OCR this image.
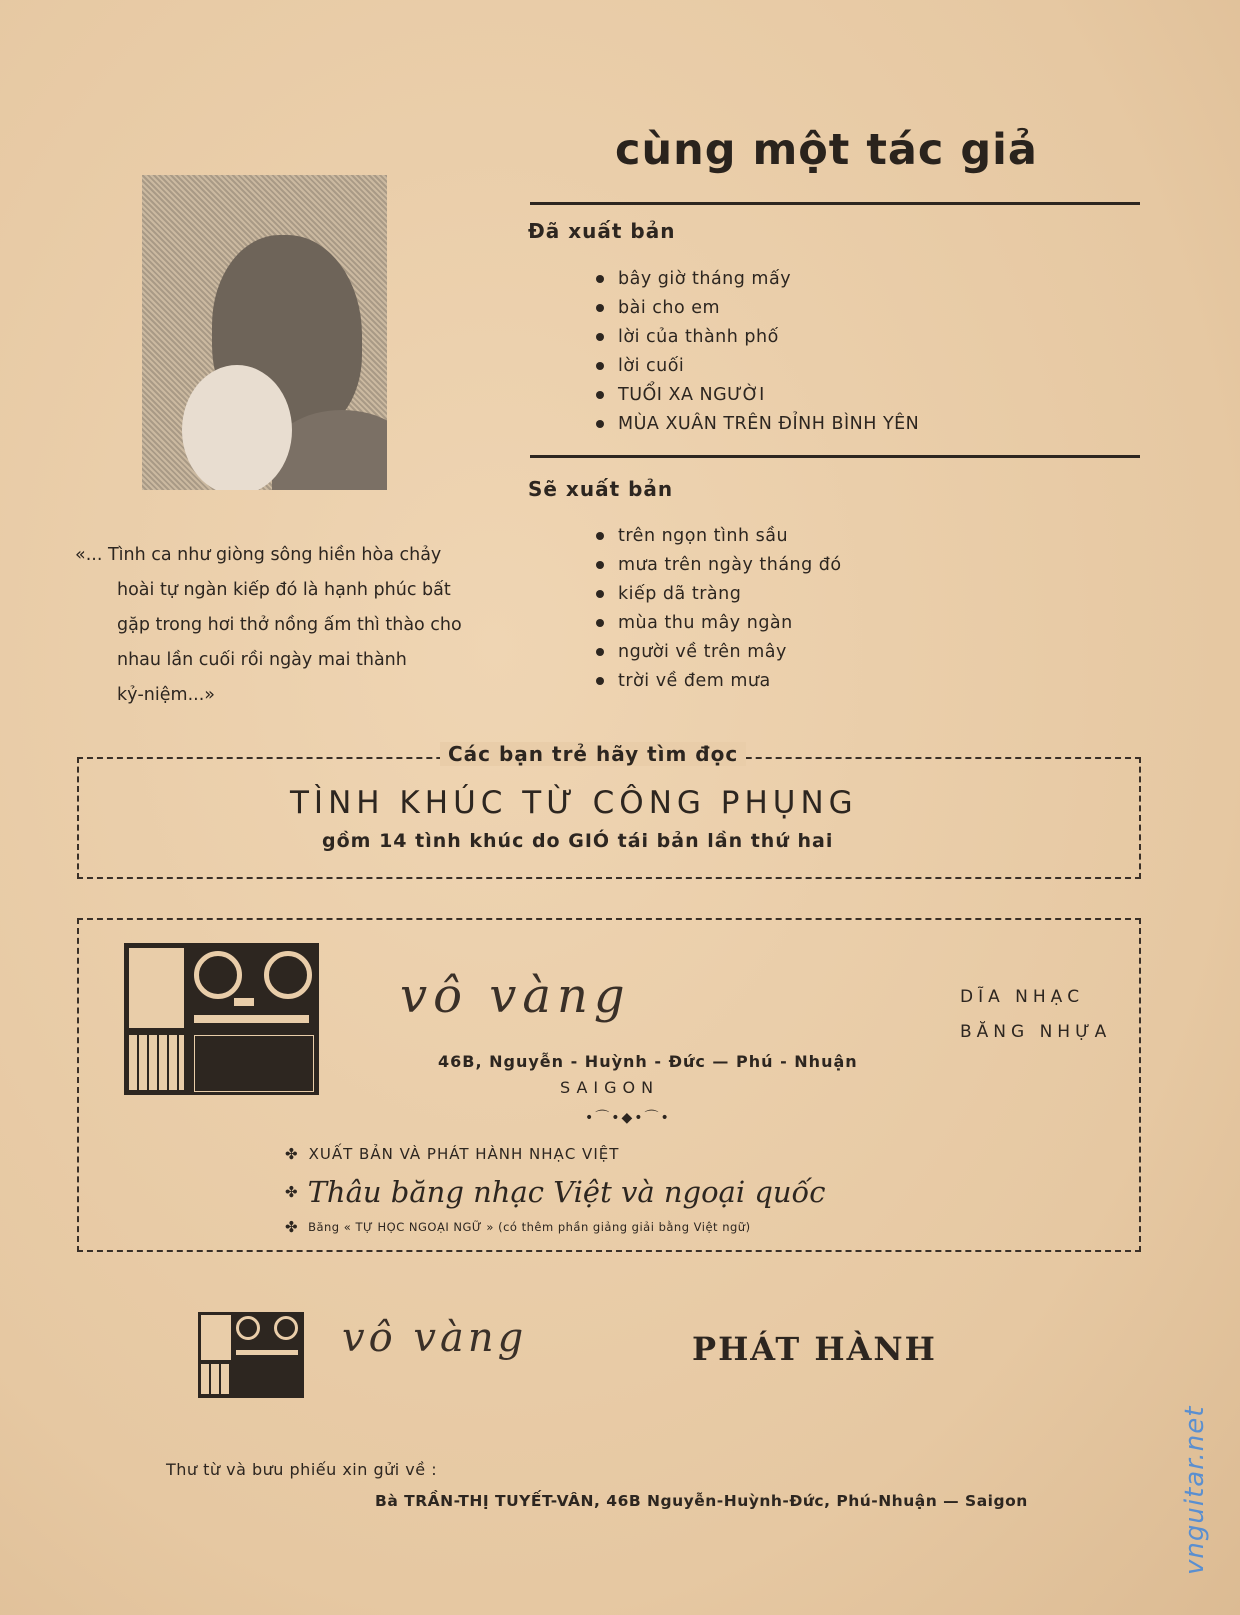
cùng một tác giả
Đã xuất bản
bây giờ tháng mấy
bài cho em
lời của thành phố
lời cuối
TUỔI XA NGƯỜI
MÙA XUÂN TRÊN ĐỈNH BÌNH YÊN
Sẽ xuất bản
trên ngọn tình sầu
mưa trên ngày tháng đó
kiếp dã tràng
mùa thu mây ngàn
người về trên mây
trời về đem mưa
«... Tình ca như giòng sông hiền hòa chảy
hoài tự ngàn kiếp đó là hạnh phúc bất
gặp trong hơi thở nồng ấm thì thào cho
nhau lần cuối rồi ngày mai thành
kỷ-niệm...»
Các bạn trẻ hãy tìm đọc
TÌNH KHÚC TỪ CÔNG PHỤNG
gồm 14 tình khúc do GIÓ tái bản lần thứ hai
vô vàng
46B, Nguyễn - Huỳnh - Đức — Phú - Nhuận
SAIGON
•⌒•◆•⌒•
DĨA NHẠC
BĂNG NHỰA
✤ XUẤT BẢN VÀ PHÁT HÀNH NHẠC VIỆT
✤ Thâu băng nhạc Việt và ngoại quốc
✤ Băng « TỰ HỌC NGOẠI NGỮ » (có thêm phần giảng giải bằng Việt ngữ)
vô vàng	PHÁT HÀNH
Thư từ và bưu phiếu xin gửi về :
Bà TRẦN-THỊ TUYẾT-VÂN, 46B Nguyễn-Huỳnh-Đức, Phú-Nhuận — Saigon	vnguitar.net
